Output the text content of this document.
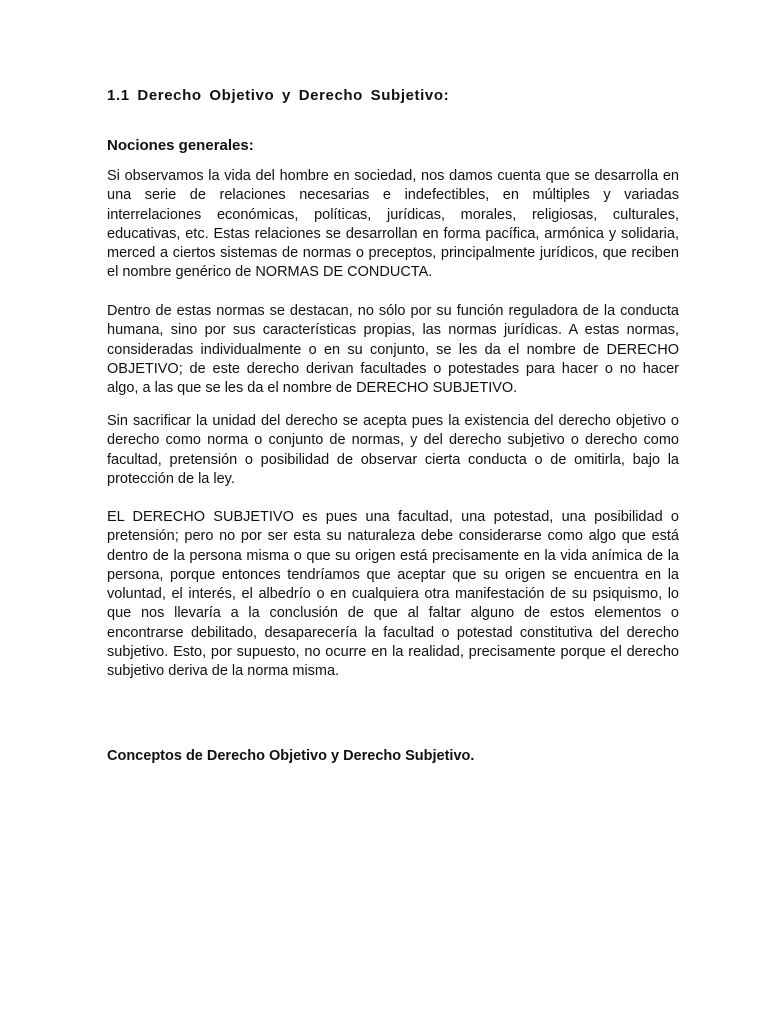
1.1 Derecho Objetivo y Derecho Subjetivo:
Nociones generales:

Si observamos la vida del hombre en sociedad, nos damos cuenta que se desarrolla en una serie de relaciones necesarias e indefectibles, en múltiples y variadas interrelaciones económicas, políticas, jurídicas, morales, religiosas, culturales, educativas, etc. Estas relaciones se desarrollan en forma pacífica, armónica y solidaria, merced a ciertos sistemas de normas o preceptos, principalmente jurídicos, que reciben el nombre genérico de NORMAS DE CONDUCTA.

Dentro de estas normas se destacan, no sólo por su función reguladora de la conducta humana, sino por sus características propias, las normas jurídicas. A estas normas, consideradas individualmente o en su conjunto, se les da el nombre de DERECHO OBJETIVO; de este derecho derivan facultades o potestades para hacer o no hacer algo, a las que se les da el nombre de DERECHO SUBJETIVO.

Sin sacrificar la unidad del derecho se acepta pues la existencia del derecho objetivo o derecho como norma o conjunto de normas, y del derecho subjetivo o derecho como facultad, pretensión o posibilidad de observar cierta conducta o de omitirla, bajo la protección de la ley.

EL DERECHO SUBJETIVO es pues una facultad, una potestad, una posibilidad o pretensión; pero no por ser esta su naturaleza debe considerarse como algo que está dentro de la persona misma o que su origen está precisamente en la vida anímica de la persona, porque entonces tendríamos que aceptar que su origen se encuentra en la voluntad, el interés, el albedrío o en cualquiera otra manifestación de su psiquismo, lo que nos llevaría a la conclusión de que al faltar alguno de estos elementos o encontrarse debilitado, desaparecería la facultad o potestad constitutiva del derecho subjetivo. Esto, por supuesto, no ocurre en la realidad, precisamente porque el derecho subjetivo deriva de la norma misma.

Conceptos de Derecho Objetivo y Derecho Subjetivo.
